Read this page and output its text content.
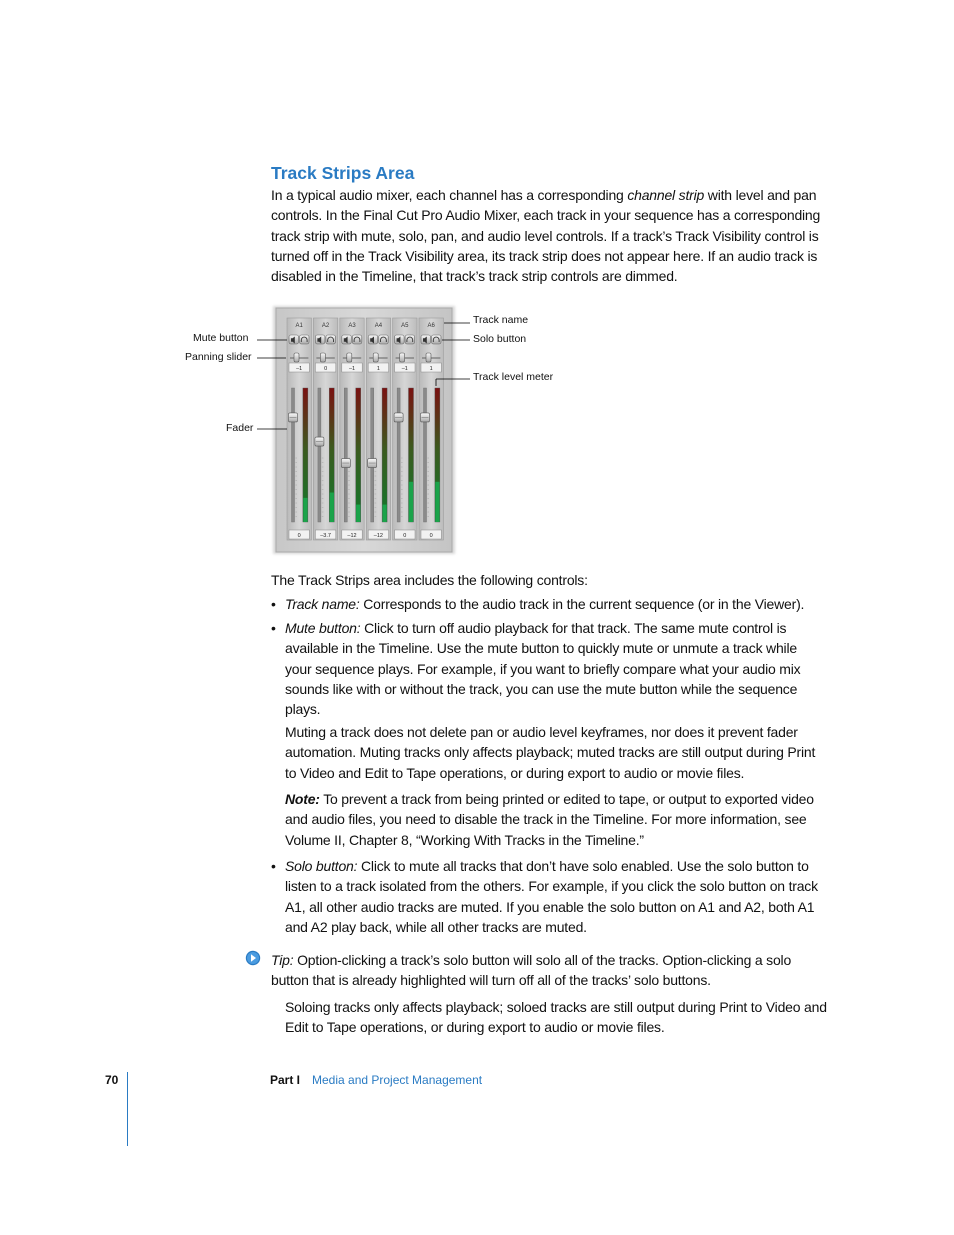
Track Strips Area

In a typical audio mixer, each channel has a corresponding channel strip with level and pan controls. In the Final Cut Pro Audio Mixer, each track in your sequence has a corresponding track strip with mute, solo, pan, and audio level controls. If a track’s Track Visibility control is turned off in the Track Visibility area, its track strip does not appear here. If an audio track is disabled in the Timeline, that track’s track strip controls are dimmed.

A1
–1
0
A2
0
–3.7
A3
–1
–12
A4
1
–12
A5
–1
0
A6
1
0
Mute button
Panning slider
Fader
Track name
Solo button
Track level meter

The Track Strips area includes the following controls:

• Track name: Corresponds to the audio track in the current sequence (or in the Viewer).
• Mute button: Click to turn off audio playback for that track. The same mute control is available in the Timeline. Use the mute button to quickly mute or unmute a track while your sequence plays. For example, if you want to briefly compare what your audio mix sounds like with or without the track, you can use the mute button while the sequence plays.

Muting a track does not delete pan or audio level keyframes, nor does it prevent fader automation. Muting tracks only affects playback; muted tracks are still output during Print to Video and Edit to Tape operations, or during export to audio or movie files.

Note: To prevent a track from being printed or edited to tape, or output to exported video and audio files, you need to disable the track in the Timeline. For more information, see Volume II, Chapter 8, “Working With Tracks in the Timeline.”

• Solo button: Click to mute all tracks that don’t have solo enabled. Use the solo button to listen to a track isolated from the others. For example, if you click the solo button on track A1, all other audio tracks are muted. If you enable the solo button on A1 and A2, both A1 and A2 play back, while all other tracks are muted.

Tip: Option-clicking a track’s solo button will solo all of the tracks. Option-clicking a solo button that is already highlighted will turn off all of the tracks’ solo buttons.

Soloing tracks only affects playback; soloed tracks are still output during Print to Video and Edit to Tape operations, or during export to audio or movie files.

70	Part I Media and Project Management
